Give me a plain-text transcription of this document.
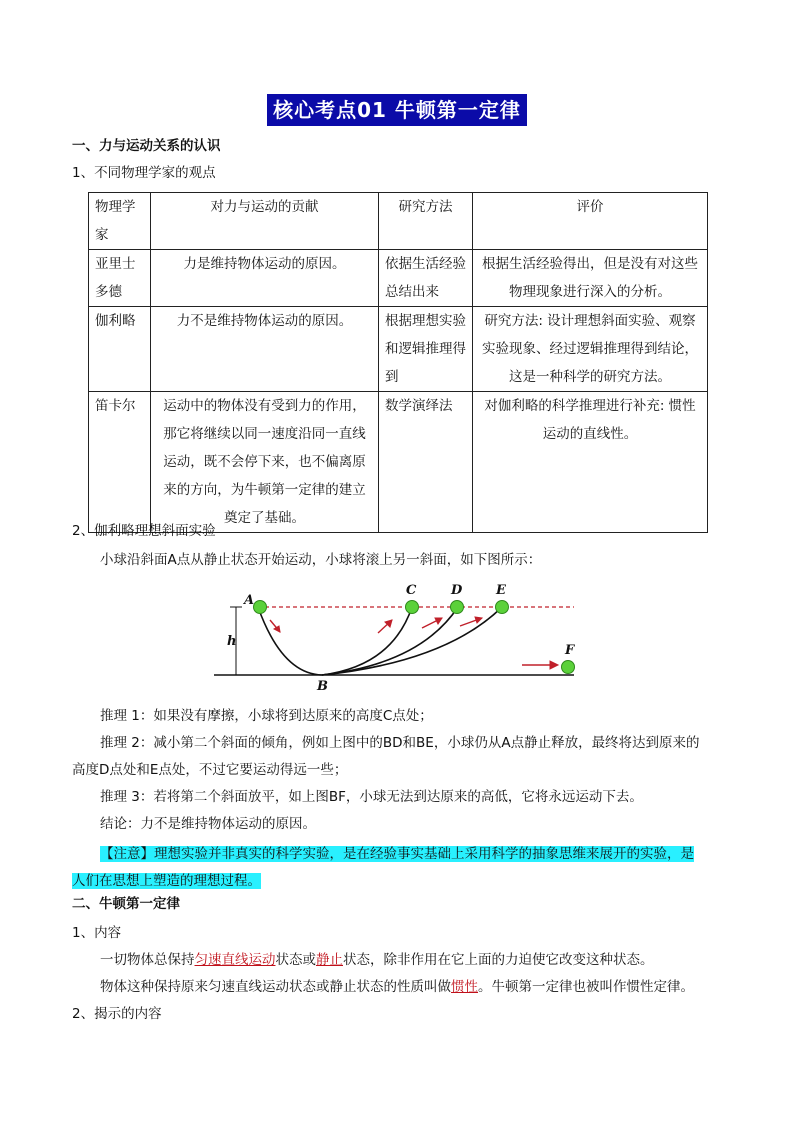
核心考点01 牛顿第一定律
一、力与运动关系的认识
1、不同物理学家的观点
物理学家	对力与运动的贡献	研究方法	评价
亚里士多德	力是维持物体运动的原因。	依据生活经验总结出来	根据生活经验得出，但是没有对这些物理现象进行深入的分析。
伽利略	力不是维持物体运动的原因。	根据理想实验和逻辑推理得到	研究方法: 设计理想斜面实验、观察实验现象、经过逻辑推理得到结论，这是一种科学的研究方法。
笛卡尔	运动中的物体没有受到力的作用，那它将继续以同一速度沿同一直线运动，既不会停下来，也不偏离原来的方向，为牛顿第一定律的建立奠定了基础。	数学演绎法	对伽利略的科学推理进行补充: 惯性运动的直线性。
2、伽利略理想斜面实验
小球沿斜面A点从静止状态开始运动，小球将滚上另一斜面，如下图所示：
A
B
C	D	E
F
h
推理 1：如果没有摩擦，小球将到达原来的高度C点处；
推理 2：减小第二个斜面的倾角，例如上图中的BD和BE，小球仍从A点静止释放，最终将达到原来的
高度D点处和E点处，不过它要运动得远一些；
推理 3：若将第二个斜面放平，如上图BF，小球无法到达原来的高低，它将永远运动下去。
结论：力不是维持物体运动的原因。
【注意】理想实验并非真实的科学实验，是在经验事实基础上采用科学的抽象思维来展开的实验，是
人们在思想上塑造的理想过程。
二、牛顿第一定律
1、内容
一切物体总保持匀速直线运动状态或静止状态，除非作用在它上面的力迫使它改变这种状态。
物体这种保持原来匀速直线运动状态或静止状态的性质叫做惯性。牛顿第一定律也被叫作惯性定律。
2、揭示的内容
